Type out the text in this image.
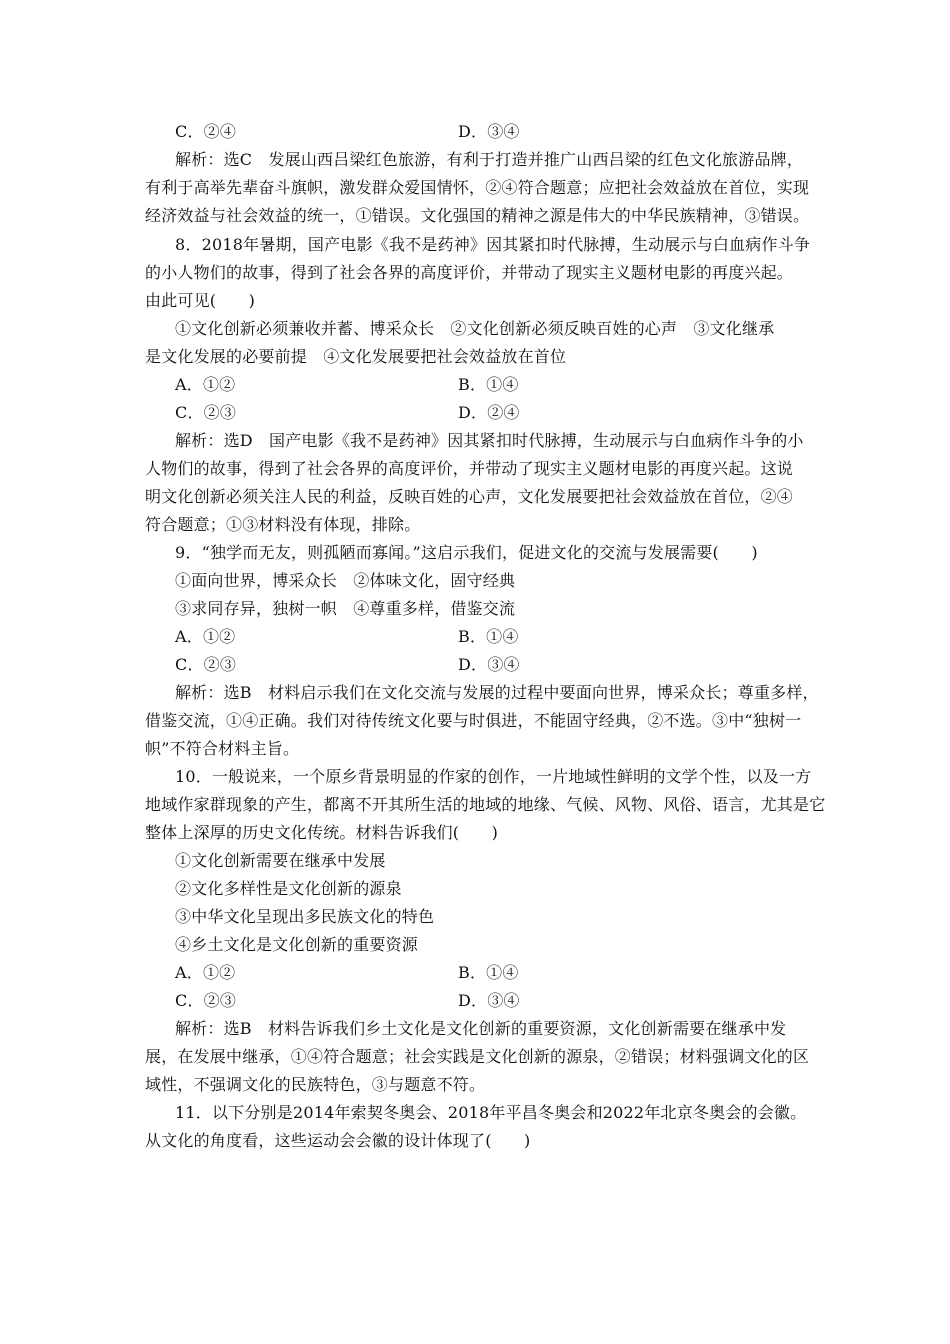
C．②④	D．③④
解析：选C　发展山西吕梁红色旅游，有利于打造并推广山西吕梁的红色文化旅游品牌，
有利于高举先辈奋斗旗帜，激发群众爱国情怀，②④符合题意；应把社会效益放在首位，实现
经济效益与社会效益的统一，①错误。文化强国的精神之源是伟大的中华民族精神，③错误。
8．2018年暑期，国产电影《我不是药神》因其紧扣时代脉搏，生动展示与白血病作斗争
的小人物们的故事，得到了社会各界的高度评价，并带动了现实主义题材电影的再度兴起。
由此可见(　　)
①文化创新必须兼收并蓄、博采众长　②文化创新必须反映百姓的心声　③文化继承
是文化发展的必要前提　④文化发展要把社会效益放在首位
A．①②	B．①④
C．②③	D．②④
解析：选D　国产电影《我不是药神》因其紧扣时代脉搏，生动展示与白血病作斗争的小
人物们的故事，得到了社会各界的高度评价，并带动了现实主义题材电影的再度兴起。这说
明文化创新必须关注人民的利益，反映百姓的心声，文化发展要把社会效益放在首位，②④
符合题意；①③材料没有体现，排除。
9．“独学而无友，则孤陋而寡闻。”这启示我们，促进文化的交流与发展需要(　　)
①面向世界，博采众长　②体味文化，固守经典
③求同存异，独树一帜　④尊重多样，借鉴交流
A．①②	B．①④
C．②③	D．③④
解析：选B　材料启示我们在文化交流与发展的过程中要面向世界，博采众长；尊重多样，
借鉴交流，①④正确。我们对待传统文化要与时俱进，不能固守经典，②不选。③中“独树一
帜”不符合材料主旨。
10．一般说来，一个原乡背景明显的作家的创作，一片地域性鲜明的文学个性，以及一方
地域作家群现象的产生，都离不开其所生活的地域的地缘、气候、风物、风俗、语言，尤其是它
整体上深厚的历史文化传统。材料告诉我们(　　)
①文化创新需要在继承中发展
②文化多样性是文化创新的源泉
③中华文化呈现出多民族文化的特色
④乡土文化是文化创新的重要资源
A．①②	B．①④
C．②③	D．③④
解析：选B　材料告诉我们乡土文化是文化创新的重要资源，文化创新需要在继承中发
展，在发展中继承，①④符合题意；社会实践是文化创新的源泉，②错误；材料强调文化的区
域性，不强调文化的民族特色，③与题意不符。
11．以下分别是2014年索契冬奥会、2018年平昌冬奥会和2022年北京冬奥会的会徽。
从文化的角度看，这些运动会会徽的设计体现了(　　)
